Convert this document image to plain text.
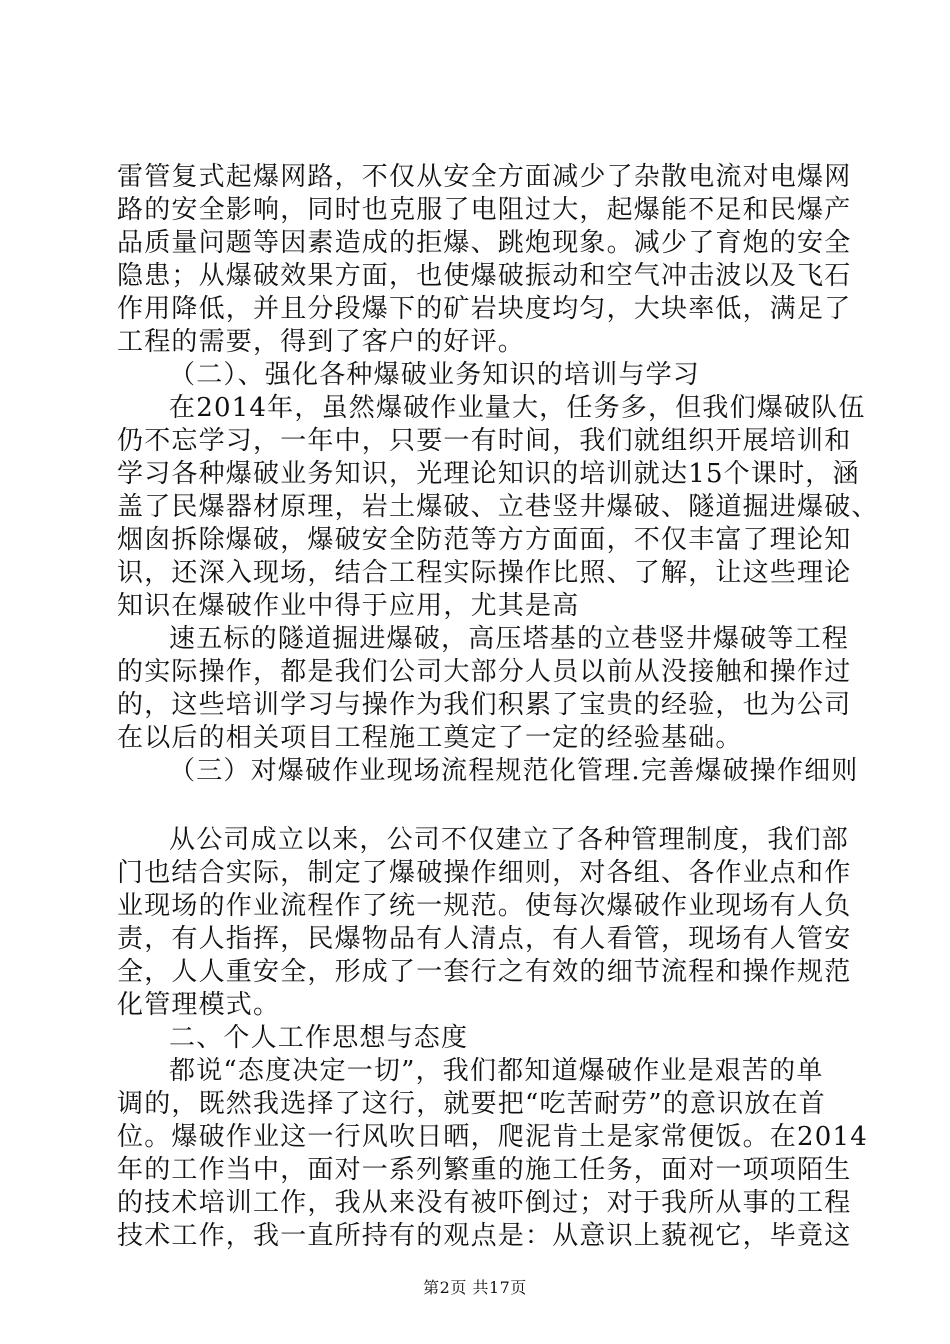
雷管复式起爆网路，不仅从安全方面减少了杂散电流对电爆网
路的安全影响，同时也克服了电阻过大，起爆能不足和民爆产
品质量问题等因素造成的拒爆、跳炮现象。减少了育炮的安全
隐患；从爆破效果方面，也使爆破振动和空气冲击波以及飞石
作用降低，并且分段爆下的矿岩块度均匀，大块率低，满足了
工程的需要，得到了客户的好评。
（二）、强化各种爆破业务知识的培训与学习
在2014年，虽然爆破作业量大，任务多，但我们爆破队伍
仍不忘学习，一年中，只要一有时间，我们就组织开展培训和
学习各种爆破业务知识，光理论知识的培训就达15个课时，涵
盖了民爆器材原理，岩土爆破、立巷竖井爆破、隧道掘进爆破、
烟囱拆除爆破，爆破安全防范等方方面面，不仅丰富了理论知
识，还深入现场，结合工程实际操作比照、了解，让这些理论
知识在爆破作业中得于应用，尤其是高
速五标的隧道掘进爆破，高压塔基的立巷竖井爆破等工程
的实际操作，都是我们公司大部分人员以前从没接触和操作过
的，这些培训学习与操作为我们积累了宝贵的经验，也为公司
在以后的相关项目工程施工奠定了一定的经验基础。
（三）对爆破作业现场流程规范化管理.完善爆破操作细则
从公司成立以来，公司不仅建立了各种管理制度，我们部
门也结合实际，制定了爆破操作细则，对各组、各作业点和作
业现场的作业流程作了统一规范。使每次爆破作业现场有人负
责，有人指挥，民爆物品有人清点，有人看管，现场有人管安
全，人人重安全，形成了一套行之有效的细节流程和操作规范
化管理模式。
二、个人工作思想与态度
都说“态度决定一切”，我们都知道爆破作业是艰苦的单
调的，既然我选择了这行，就要把“吃苦耐劳”的意识放在首
位。爆破作业这一行风吹日晒，爬泥肯土是家常便饭。在2014
年的工作当中，面对一系列繁重的施工任务，面对一项项陌生
的技术培训工作，我从来没有被吓倒过；对于我所从事的工程
技术工作，我一直所持有的观点是：从意识上藐视它，毕竟这
第2页 共17页
